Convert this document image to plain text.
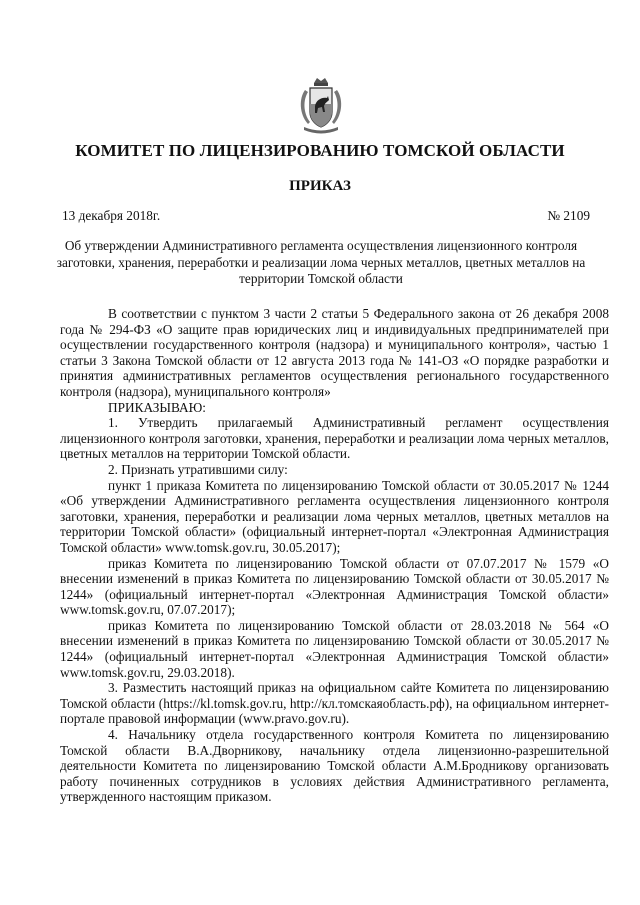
КОМИТЕТ ПО ЛИЦЕНЗИРОВАНИЮ ТОМСКОЙ ОБЛАСТИ
ПРИКАЗ
13 декабря 2018г.	№ 2109
Об утверждении Административного регламента осуществления лицензионного контроля заготовки, хранения, переработки и реализации лома черных металлов, цветных металлов на территории Томской области

В соответствии с пунктом 3 части 2 статьи 5 Федерального закона от 26 декабря 2008 года № 294-ФЗ «О защите прав юридических лиц и индивидуальных предпринимателей при осуществлении государственного контроля (надзора) и муниципального контроля», частью 1 статьи 3 Закона Томской области от 12 августа 2013 года № 141-ОЗ «О порядке разработки и принятия административных регламентов осуществления регионального государственного контроля (надзора), муниципального контроля»

ПРИКАЗЫВАЮ:

1. Утвердить прилагаемый Административный регламент осуществления лицензионного контроля заготовки, хранения, переработки и реализации лома черных металлов, цветных металлов на территории Томской области.

2. Признать утратившими силу:

пункт 1 приказа Комитета по лицензированию Томской области от 30.05.2017 № 1244 «Об утверждении Административного регламента осуществления лицензионного контроля заготовки, хранения, переработки и реализации лома черных металлов, цветных металлов на территории Томской области» (официальный интернет-портал «Электронная Администрация Томской области» www.tomsk.gov.ru, 30.05.2017);

приказ Комитета по лицензированию Томской области от 07.07.2017 № 1579 «О внесении изменений в приказ Комитета по лицензированию Томской области от 30.05.2017 № 1244» (официальный интернет-портал «Электронная Администрация Томской области» www.tomsk.gov.ru, 07.07.2017);

приказ Комитета по лицензированию Томской области от 28.03.2018 № 564 «О внесении изменений в приказ Комитета по лицензированию Томской области от 30.05.2017 № 1244» (официальный интернет-портал «Электронная Администрация Томской области» www.tomsk.gov.ru, 29.03.2018).

3. Разместить настоящий приказ на официальном сайте Комитета по лицензированию Томской области (https://kl.tomsk.gov.ru, http://кл.томскаяобласть.рф), на официальном интернет-портале правовой информации (www.pravo.gov.ru).

4. Начальнику отдела государственного контроля Комитета по лицензированию Томской области В.А.Дворникову, начальнику отдела лицензионно-разрешительной деятельности Комитета по лицензированию Томской области А.М.Бродникову организовать работу починенных сотрудников в условиях действия Административного регламента, утвержденного настоящим приказом.
